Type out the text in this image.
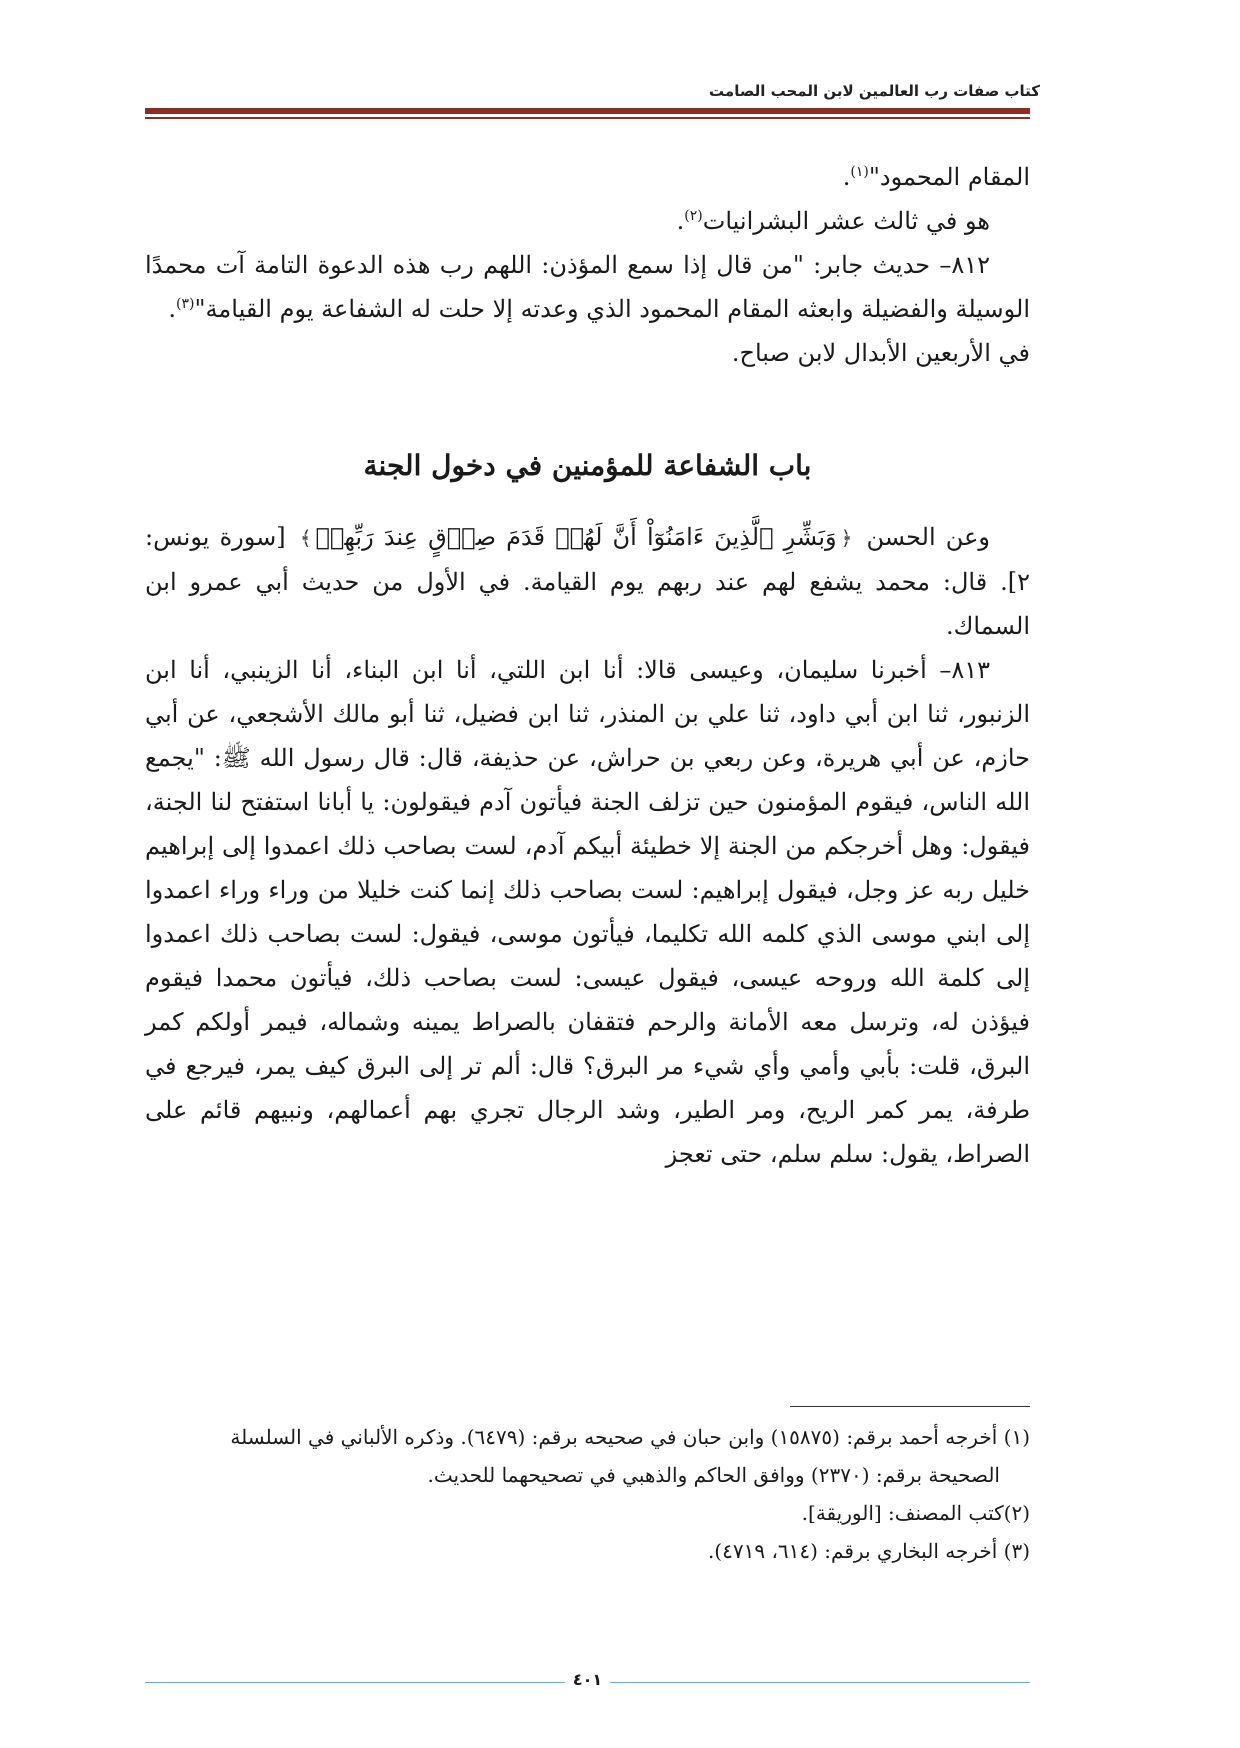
كتاب صفات رب العالمين لابن المحب الصامت

المقام المحمود"$^{(١)}$.

هو في ثالث عشر البشرانيات$^{(٢)}$.

٨١٢– حديث جابر: "من قال إذا سمع المؤذن: اللهم رب هذه الدعوة التامة آت محمدًا الوسيلة والفضيلة وابعثه المقام المحمود الذي وعدته إلا حلت له الشفاعة يوم القيامة"$^{(٣)}$.

في الأربعين الأبدال لابن صباح.

باب الشفاعة للمؤمنين في دخول الجنة

وعن الحسن ﴿وَبَشِّرِ ٱلَّذِينَ ءَامَنُوٓاْ أَنَّ لَهُمۡ قَدَمَ صِدۡقٍ عِندَ رَبِّهِمۡ﴾ [سورة يونس: ٢]. قال: محمد يشفع لهم عند ربهم يوم القيامة. في الأول من حديث أبي عمرو ابن السماك.

٨١٣– أخبرنا سليمان، وعيسى قالا: أنا ابن اللتي، أنا ابن البناء، أنا الزينبي، أنا ابن الزنبور، ثنا ابن أبي داود، ثنا علي بن المنذر، ثنا ابن فضيل، ثنا أبو مالك الأشجعي، عن أبي حازم، عن أبي هريرة، وعن ربعي بن حراش، عن حذيفة، قال: قال رسول الله ﷺ: "يجمع الله الناس، فيقوم المؤمنون حين تزلف الجنة فيأتون آدم فيقولون: يا أبانا استفتح لنا الجنة، فيقول: وهل أخرجكم من الجنة إلا خطيئة أبيكم آدم، لست بصاحب ذلك اعمدوا إلى إبراهيم خليل ربه عز وجل، فيقول إبراهيم: لست بصاحب ذلك إنما كنت خليلا من وراء وراء اعمدوا إلى ابني موسى الذي كلمه الله تكليما، فيأتون موسى، فيقول: لست بصاحب ذلك اعمدوا إلى كلمة الله وروحه عيسى، فيقول عيسى: لست بصاحب ذلك، فيأتون محمدا فيقوم فيؤذن له، وترسل معه الأمانة والرحم فتقفان بالصراط يمينه وشماله، فيمر أولكم كمر البرق، قلت: بأبي وأمي وأي شيء مر البرق؟ قال: ألم تر إلى البرق كيف يمر، فيرجع في طرفة، يمر كمر الريح، ومر الطير، وشد الرجال تجري بهم أعمالهم، ونبيهم قائم على الصراط، يقول: سلم سلم، حتى تعجز

(١) أخرجه أحمد برقم: (١٥٨٧٥) وابن حبان في صحيحه برقم: (٦٤٧٩). وذكره الألباني في السلسلة

الصحيحة برقم: (٢٣٧٠) ووافق الحاكم والذهبي في تصحيحهما للحديث.

(٢)كتب المصنف: [الوريقة].

(٣) أخرجه البخاري برقم: (٦١٤، ٤٧١٩).

٤٠١
